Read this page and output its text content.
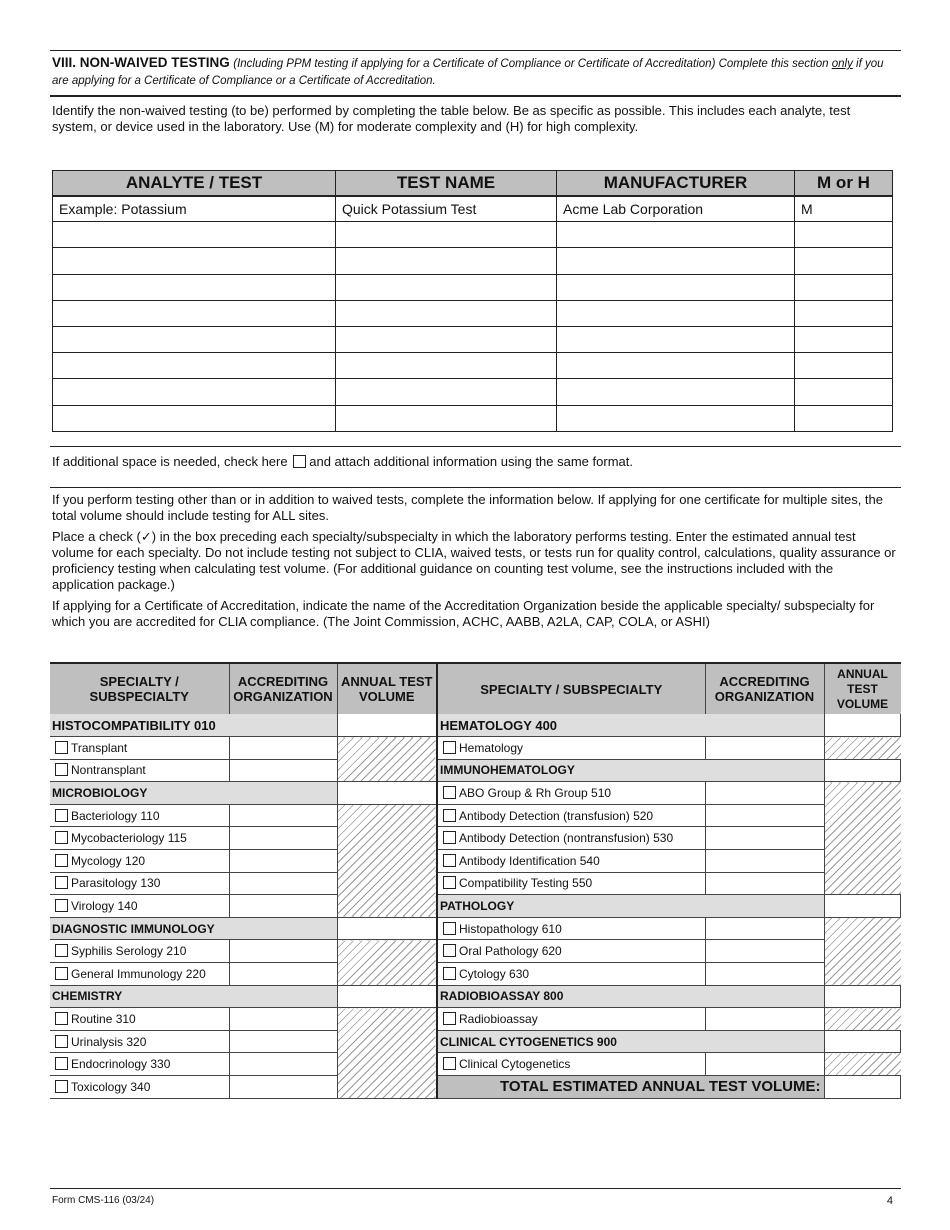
VIII. NON-WAIVED TESTING (Including PPM testing if applying for a Certificate of Compliance or Certificate of Accreditation) Complete this section only if you are applying for a Certificate of Compliance or a Certificate of Accreditation.
Identify the non-waived testing (to be) performed by completing the table below. Be as specific as possible. This includes each analyte, test system, or device used in the laboratory. Use (M) for moderate complexity and (H) for high complexity.
ANALYTE / TEST	TEST NAME	MANUFACTURER	M or H
Example: Potassium	Quick Potassium Test	Acme Lab Corporation	M

If additional space is needed, check here and attach additional information using the same format.
If you perform testing other than or in addition to waived tests, complete the information below. If applying for one certificate for multiple sites, the total volume should include testing for ALL sites.
Place a check (✓) in the box preceding each specialty/subspecialty in which the laboratory performs testing. Enter the estimated annual test volume for each specialty. Do not include testing not subject to CLIA, waived tests, or tests run for quality control, calculations, quality assurance or proficiency testing when calculating test volume. (For additional guidance on counting test volume, see the instructions included with the application package.)
If applying for a Certificate of Accreditation, indicate the name of the Accreditation Organization beside the applicable specialty/ subspecialty for which you are accredited for CLIA compliance. (The Joint Commission, ACHC, AABB, A2LA, CAP, COLA, or ASHI)
SPECIALTY / SUBSPECIALTY	ACCREDITING ORGANIZATION	ANNUAL TEST VOLUME	SPECIALTY / SUBSPECIALTY	ACCREDITING ORGANIZATION	ANNUAL TEST VOLUME
HISTOCOMPATIBILITY 010			HEMATOLOGY 400		
Transplant			Hematology		
Nontransplant			IMMUNOHEMATOLOGY		
MICROBIOLOGY			ABO Group & Rh Group 510		
Bacteriology 110			Antibody Detection (transfusion) 520		
Mycobacteriology 115			Antibody Detection (nontransfusion) 530		
Mycology 120			Antibody Identification 540		
Parasitology 130			Compatibility Testing 550		
Virology 140			PATHOLOGY		
DIAGNOSTIC IMMUNOLOGY			Histopathology 610		
Syphilis Serology 210			Oral Pathology 620		
General Immunology 220			Cytology 630		
CHEMISTRY			RADIOBIOASSAY 800		
Routine 310			Radiobioassay		
Urinalysis 320			CLINICAL CYTOGENETICS 900		
Endocrinology 330			Clinical Cytogenetics		
Toxicology 340			TOTAL ESTIMATED ANNUAL TEST VOLUME:		
Form CMS-116 (03/24)	4
